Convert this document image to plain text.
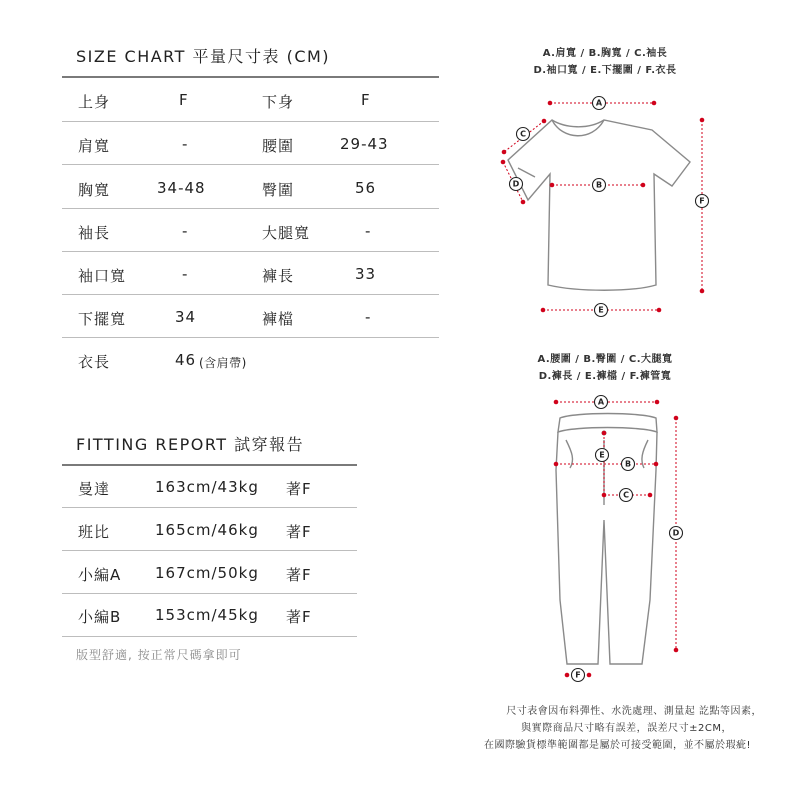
SIZE CHART 平量尺寸表 (CM)
上身	F	下身	F
肩寬	-	腰圍	29-43
胸寬	34-48	臀圍	56
袖長	-	大腿寬	-
袖口寬	-	褲長	33
下擺寬	34	褲檔	-
衣長	46 (含肩帶)
FITTING REPORT 試穿報告
曼達	163cm/43kg 著F
班比	165cm/46kg 著F
小編A 167cm/50kg 著F
小編B 153cm/45kg 著F
版型舒適, 按正常尺碼拿即可
A.肩寬 / B.胸寬 / C.袖長
D.袖口寬 / E.下擺圍 / F.衣長
A.腰圍 / B.臀圍 / C.大腿寬
D.褲長 / E.褲檔 / F.褲管寬
A
B
C
D
E
F
A
B
C
D
E
F
尺寸表會因布料彈性、水洗處理、測量起 訖點等因素，
與實際商品尺寸略有誤差，誤差尺寸±2CM，
在國際驗貨標準範圍都是屬於可接受範圍，並不屬於瑕疵!
